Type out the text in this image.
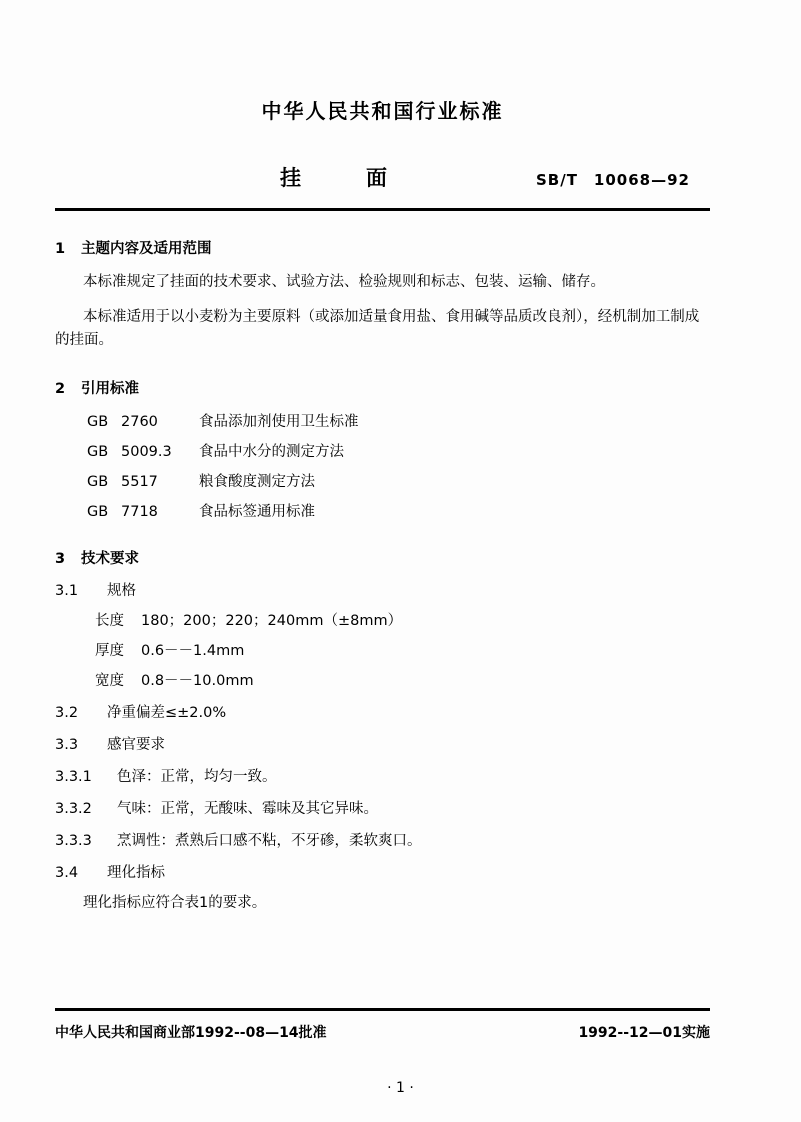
中华人民共和国行业标准
挂　面	SB/T　10068—92
1 主题内容及适用范围
本标准规定了挂面的技术要求、试验方法、检验规则和标志、包装、运输、储存。
本标准适用于以小麦粉为主要原料（或添加适量食用盐、食用碱等品质改良剂），经机制加工制成的挂面。
2 引用标准
GB 2760	食品添加剂使用卫生标准
GB 5009.3 食品中水分的测定方法
GB 5517	粮食酸度测定方法
GB 7718	食品标签通用标准
3 技术要求
3.1 规格
长度 180；200；220；240mm（±8mm）
厚度 0.6－－1.4mm
宽度 0.8－－10.0mm
3.2 净重偏差≤±2.0%
3.3 感官要求
3.3.1 色泽：正常，均匀一致。
3.3.2 气味：正常，无酸味、霉味及其它异味。
3.3.3 烹调性：煮熟后口感不粘，不牙碜，柔软爽口。
3.4 理化指标
理化指标应符合表1的要求。
中华人民共和国商业部1992--08—14批准	1992--12—01实施
· 1 ·
